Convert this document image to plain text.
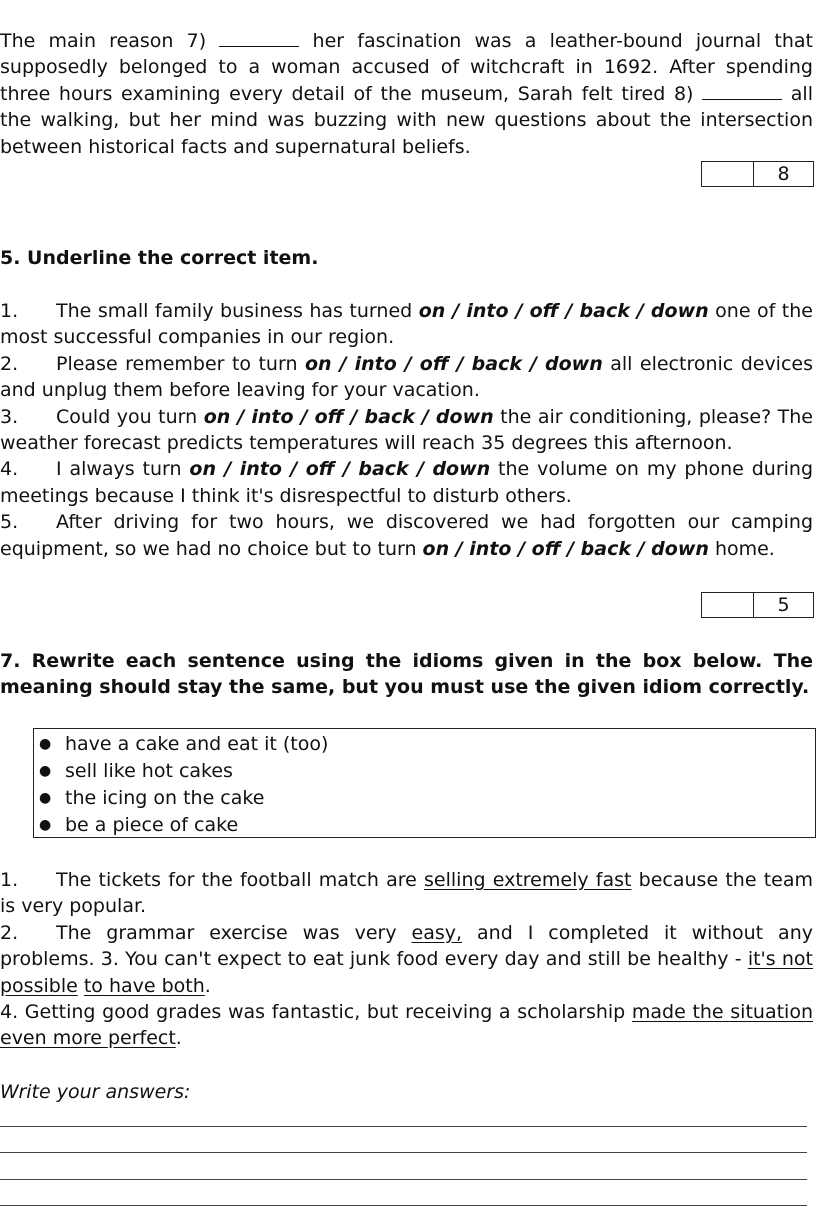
The main reason 7)	her fascination was a leather-bound journal that supposedly belonged to a woman accused of witchcraft in 1692. After spending three hours examining every detail of the museum, Sarah felt tired 8)	all the walking, but her mind was buzzing with new questions about the intersection between historical facts and supernatural beliefs.

8
5. Underline the correct item.
1. The small family business has turned on / into / off / back / down one of the most successful companies in our region.
2. Please remember to turn on / into / off / back / down all electronic devices and unplug them before leaving for your vacation.
3. Could you turn on / into / off / back / down the air conditioning, please? The weather forecast predicts temperatures will reach 35 degrees this afternoon.
4. I always turn on / into / off / back / down the volume on my phone during meetings because I think it's disrespectful to disturb others.
5. After driving for two hours, we discovered we had forgotten our camping equipment, so we had no choice but to turn on / into / off / back / down home.
5
7. Rewrite each sentence using the idioms given in the box below. The meaning should stay the same, but you must use the given idiom correctly.
● have a cake and eat it (too)
● sell like hot cakes
● the icing on the cake
● be a piece of cake
1. The tickets for the football match are selling extremely fast because the team is very popular.
2. The grammar exercise was very easy, and I completed it without any problems. 3. You can't expect to eat junk food every day and still be healthy - it's not possible to have both.
4. Getting good grades was fantastic, but receiving a scholarship made the situation even more perfect.
Write your answers:
